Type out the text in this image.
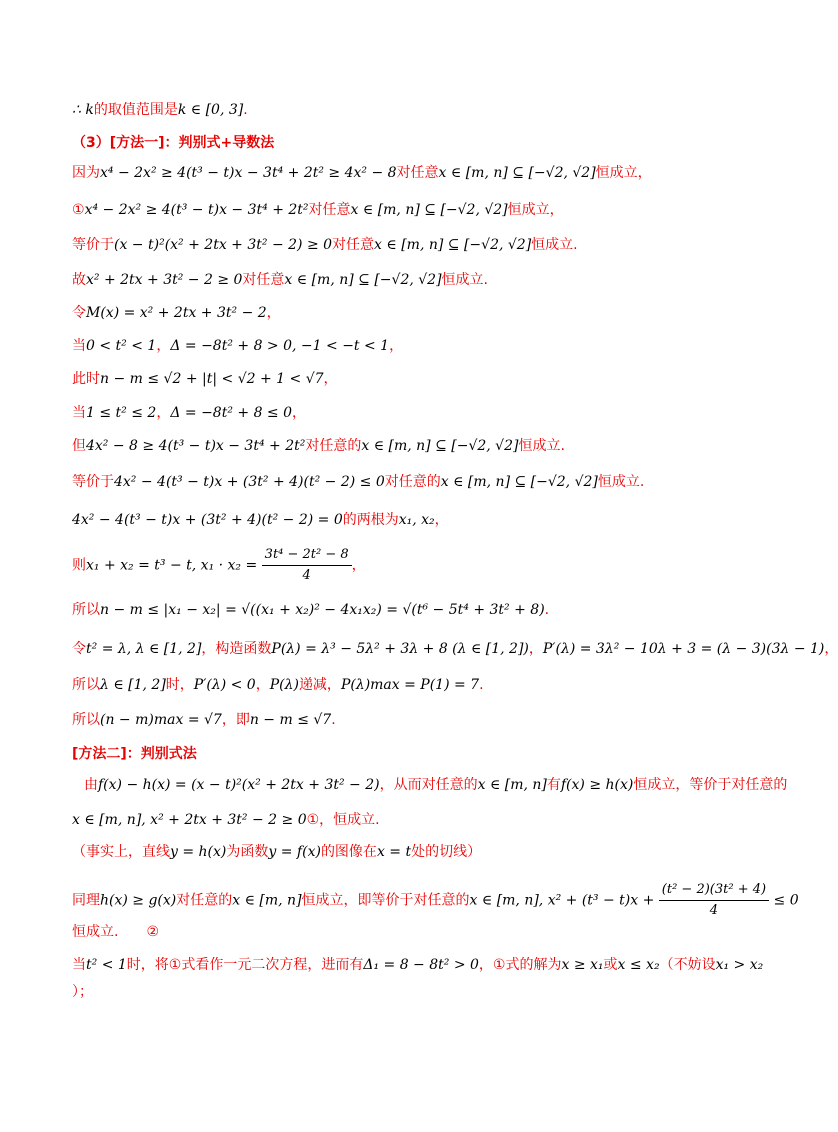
∴ k的取值范围是k ∈ [0, 3].
（3）[方法一]：判别式+导数法
因为x⁴ − 2x² ≥ 4(t³ − t)x − 3t⁴ + 2t² ≥ 4x² − 8对任意x ∈ [m, n] ⊆ [−√2, √2]恒成立，
①x⁴ − 2x² ≥ 4(t³ − t)x − 3t⁴ + 2t²对任意x ∈ [m, n] ⊆ [−√2, √2]恒成立，
等价于(x − t)²(x² + 2tx + 3t² − 2) ≥ 0对任意x ∈ [m, n] ⊆ [−√2, √2]恒成立.
故x² + 2tx + 3t² − 2 ≥ 0对任意x ∈ [m, n] ⊆ [−√2, √2]恒成立.
令M(x) = x² + 2tx + 3t² − 2，
当0 < t² < 1，Δ = −8t² + 8 > 0, −1 < −t < 1，
此时n − m ≤ √2 + |t| < √2 + 1 < √7，
当1 ≤ t² ≤ 2，Δ = −8t² + 8 ≤ 0，
但4x² − 8 ≥ 4(t³ − t)x − 3t⁴ + 2t²对任意的x ∈ [m, n] ⊆ [−√2, √2]恒成立.
等价于4x² − 4(t³ − t)x + (3t² + 4)(t² − 2) ≤ 0对任意的x ∈ [m, n] ⊆ [−√2, √2]恒成立.
4x² − 4(t³ − t)x + (3t² + 4)(t² − 2) = 0的两根为x₁, x₂，
则x₁ + x₂ = t³ − t, $x_1 \cdot x_2 = \frac{\text{3t⁴ − 2t² − 8}}{4}$ ，
所以n − m ≤ |x₁ − x₂| = √((x₁ + x₂)² − 4x₁x₂) = √(t⁶ − 5t⁴ + 3t² + 8).
令t² = λ, λ ∈ [1, 2]，构造函数P(λ) = λ³ − 5λ² + 3λ + 8 (λ ∈ [1, 2])，P′(λ) = 3λ² − 10λ + 3 = (λ − 3)(3λ − 1)，
所以λ ∈ [1, 2]时，P′(λ) < 0，P(λ)递减，P(λ)max = P(1) = 7.
所以(n − m)max = √7，即n − m ≤ √7.
[方法二]：判别式法
由f(x) − h(x) = (x − t)²(x² + 2tx + 3t² − 2)，从而对任意的x ∈ [m, n]有f(x) ≥ h(x)恒成立，等价于对任意的
x ∈ [m, n], x² + 2tx + 3t² − 2 ≥ 0①，恒成立.
（事实上，直线y = h(x)为函数y = f(x)的图像在x = t处的切线）
同理h(x) ≥ g(x)对任意的x ∈ [m, n]恒成立，即等价于对任意的x ∈ [m, n], $x^2 + (t^3 - t)x + \frac{\text{(t² − 2)(3t² + 4)}}{4} \le 0$
恒成立.　　②
当t² < 1时，将①式看作一元二次方程，进而有Δ₁ = 8 − 8t² > 0，①式的解为x ≥ x₁或x ≤ x₂（不妨设x₁ > x₂
）；
